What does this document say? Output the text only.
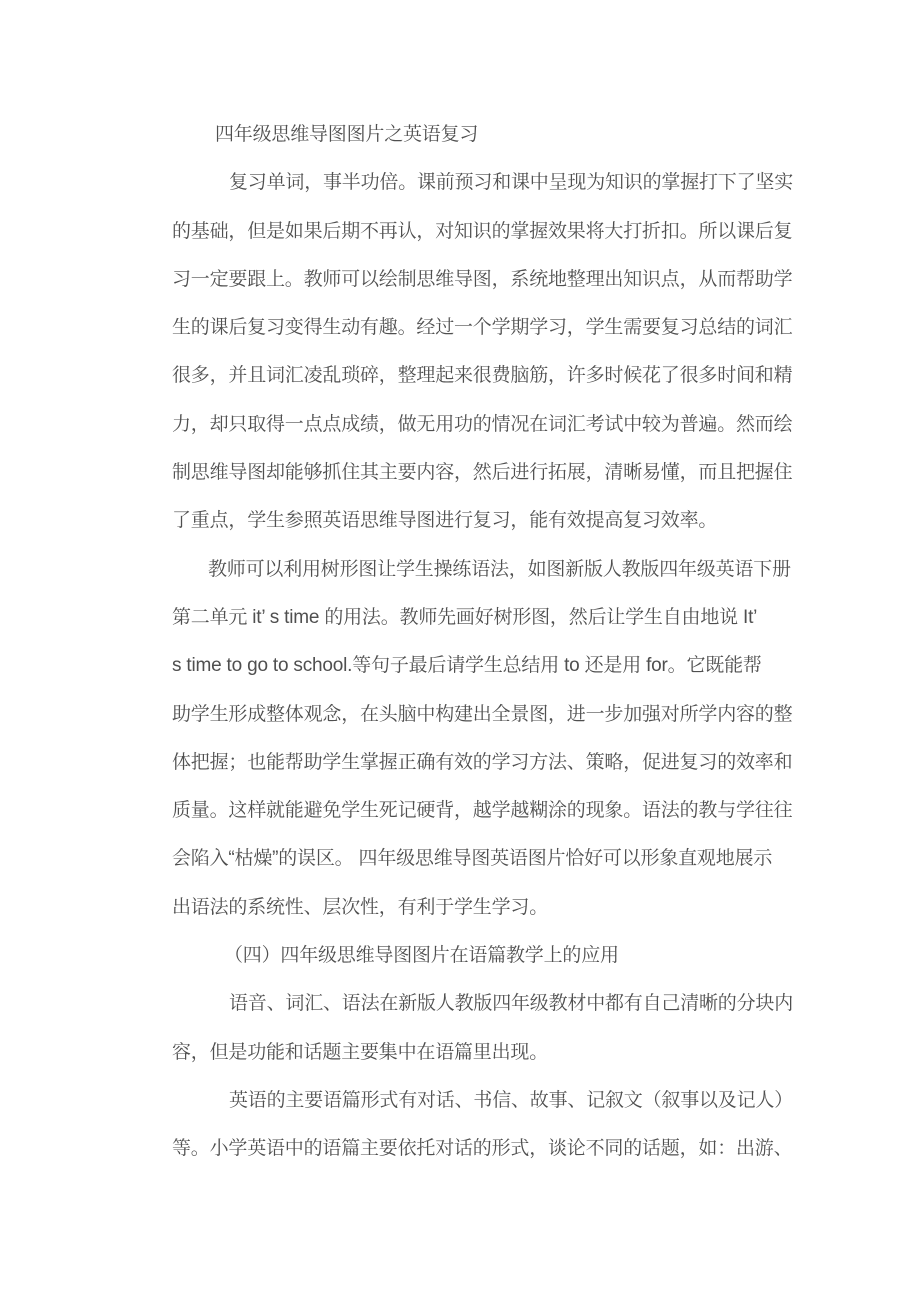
四年级思维导图图片之英语复习
复习单词，事半功倍。课前预习和课中呈现为知识的掌握打下了坚实
的基础，但是如果后期不再认，对知识的掌握效果将大打折扣。所以课后复
习一定要跟上。教师可以绘制思维导图，系统地整理出知识点，从而帮助学
生的课后复习变得生动有趣。经过一个学期学习，学生需要复习总结的词汇
很多，并且词汇凌乱琐碎，整理起来很费脑筋，许多时候花了很多时间和精
力，却只取得一点点成绩，做无用功的情况在词汇考试中较为普遍。然而绘
制思维导图却能够抓住其主要内容，然后进行拓展，清晰易懂，而且把握住
了重点，学生参照英语思维导图进行复习，能有效提高复习效率。
教师可以利用树形图让学生操练语法，如图新版人教版四年级英语下册
第二单元 it’ s time 的用法。教师先画好树形图，然后让学生自由地说 It’
s time to go to school.等句子最后请学生总结用 to 还是用 for。它既能帮
助学生形成整体观念，在头脑中构建出全景图，进一步加强对所学内容的整
体把握；也能帮助学生掌握正确有效的学习方法、策略，促进复习的效率和
质量。这样就能避免学生死记硬背，越学越糊涂的现象。语法的教与学往往
会陷入“枯燥”的误区。 四年级思维导图英语图片恰好可以形象直观地展示
出语法的系统性、层次性，有利于学生学习。
（四）四年级思维导图图片在语篇教学上的应用
语音、词汇、语法在新版人教版四年级教材中都有自己清晰的分块内
容，但是功能和话题主要集中在语篇里出现。
英语的主要语篇形式有对话、书信、故事、记叙文（叙事以及记人）
等。小学英语中的语篇主要依托对话的形式，谈论不同的话题，如：出游、
